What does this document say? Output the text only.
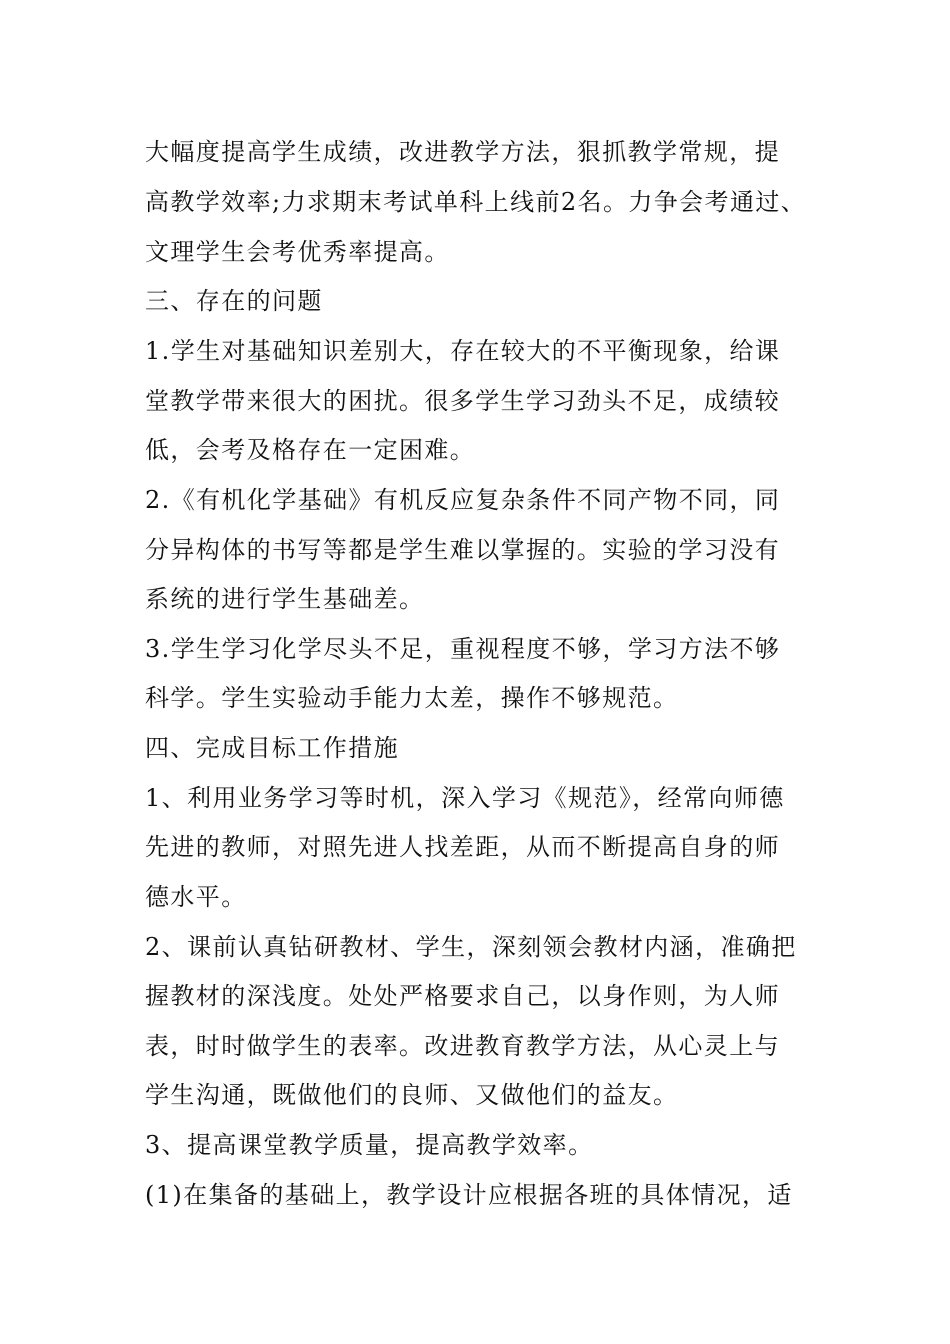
大幅度提高学生成绩，改进教学方法，狠抓教学常规，提
高教学效率;力求期末考试单科上线前2名。力争会考通过、
文理学生会考优秀率提高。
三、存在的问题
1.学生对基础知识差别大，存在较大的不平衡现象，给课
堂教学带来很大的困扰。很多学生学习劲头不足，成绩较
低，会考及格存在一定困难。
2.《有机化学基础》有机反应复杂条件不同产物不同，同
分异构体的书写等都是学生难以掌握的。实验的学习没有
系统的进行学生基础差。
3.学生学习化学尽头不足，重视程度不够，学习方法不够
科学。学生实验动手能力太差，操作不够规范。
四、完成目标工作措施
1、利用业务学习等时机，深入学习《规范》，经常向师德
先进的教师，对照先进人找差距，从而不断提高自身的师
德水平。
2、课前认真钻研教材、学生，深刻领会教材内涵，准确把
握教材的深浅度。处处严格要求自己，以身作则，为人师
表，时时做学生的表率。改进教育教学方法，从心灵上与
学生沟通，既做他们的良师、又做他们的益友。
3、提高课堂教学质量，提高教学效率。
(1)在集备的基础上，教学设计应根据各班的具体情况，适
